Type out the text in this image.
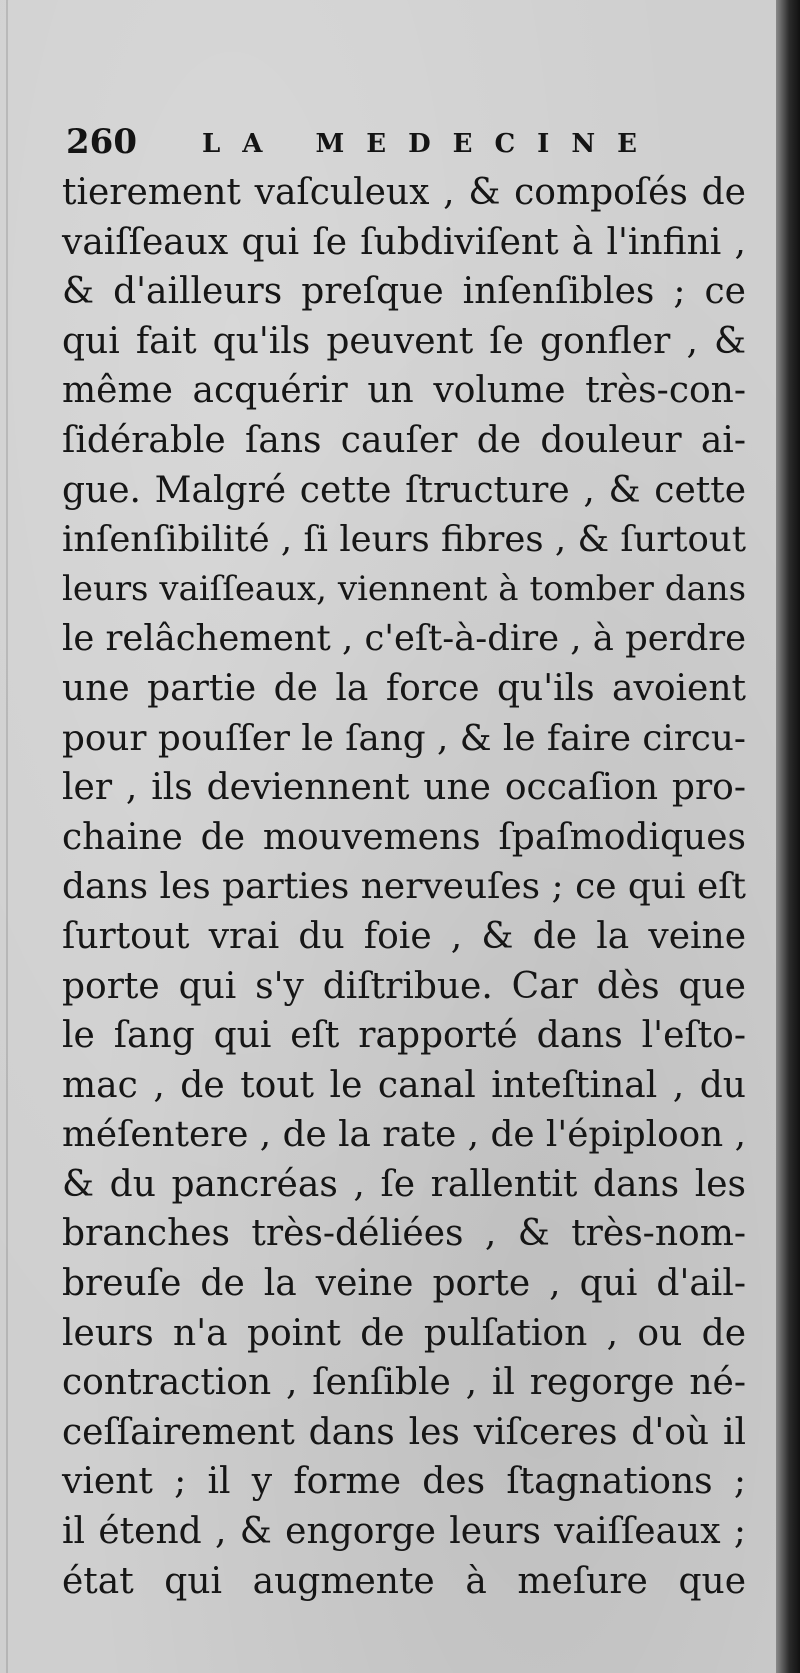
260	LA MEDECINE
tierement vaſculeux , & compoſés de
vaiſſeaux qui ſe ſubdiviſent à l'infini ,
& d'ailleurs preſque inſenſibles ; ce
qui fait qu'ils peuvent ſe gonfler , &
même acquérir un volume très-con-
ſidérable ſans cauſer de douleur ai-
gue. Malgré cette ſtructure , & cette
inſenſibilité , ſi leurs fibres , & ſurtout
leurs vaiſſeaux, viennent à tomber dans
le relâchement , c'eſt-à-dire , à perdre
une partie de la force qu'ils avoient
pour pouſſer le ſang , & le faire circu-
ler , ils deviennent une occaſion pro-
chaine de mouvemens ſpaſmodiques
dans les parties nerveuſes ; ce qui eſt
ſurtout vrai du foie , & de la veine
porte qui s'y diſtribue. Car dès que
le ſang qui eſt rapporté dans l'eſto-
mac , de tout le canal inteſtinal , du
méſentere , de la rate , de l'épiploon ,
& du pancréas , ſe rallentit dans les
branches très-déliées , & très-nom-
breuſe de la veine porte , qui d'ail-
leurs n'a point de pulſation , ou de
contraction , ſenſible , il regorge né-
ceſſairement dans les viſceres d'où il
vient ; il y forme des ſtagnations ;
il étend , & engorge leurs vaiſſeaux ;
état qui augmente à meſure que
